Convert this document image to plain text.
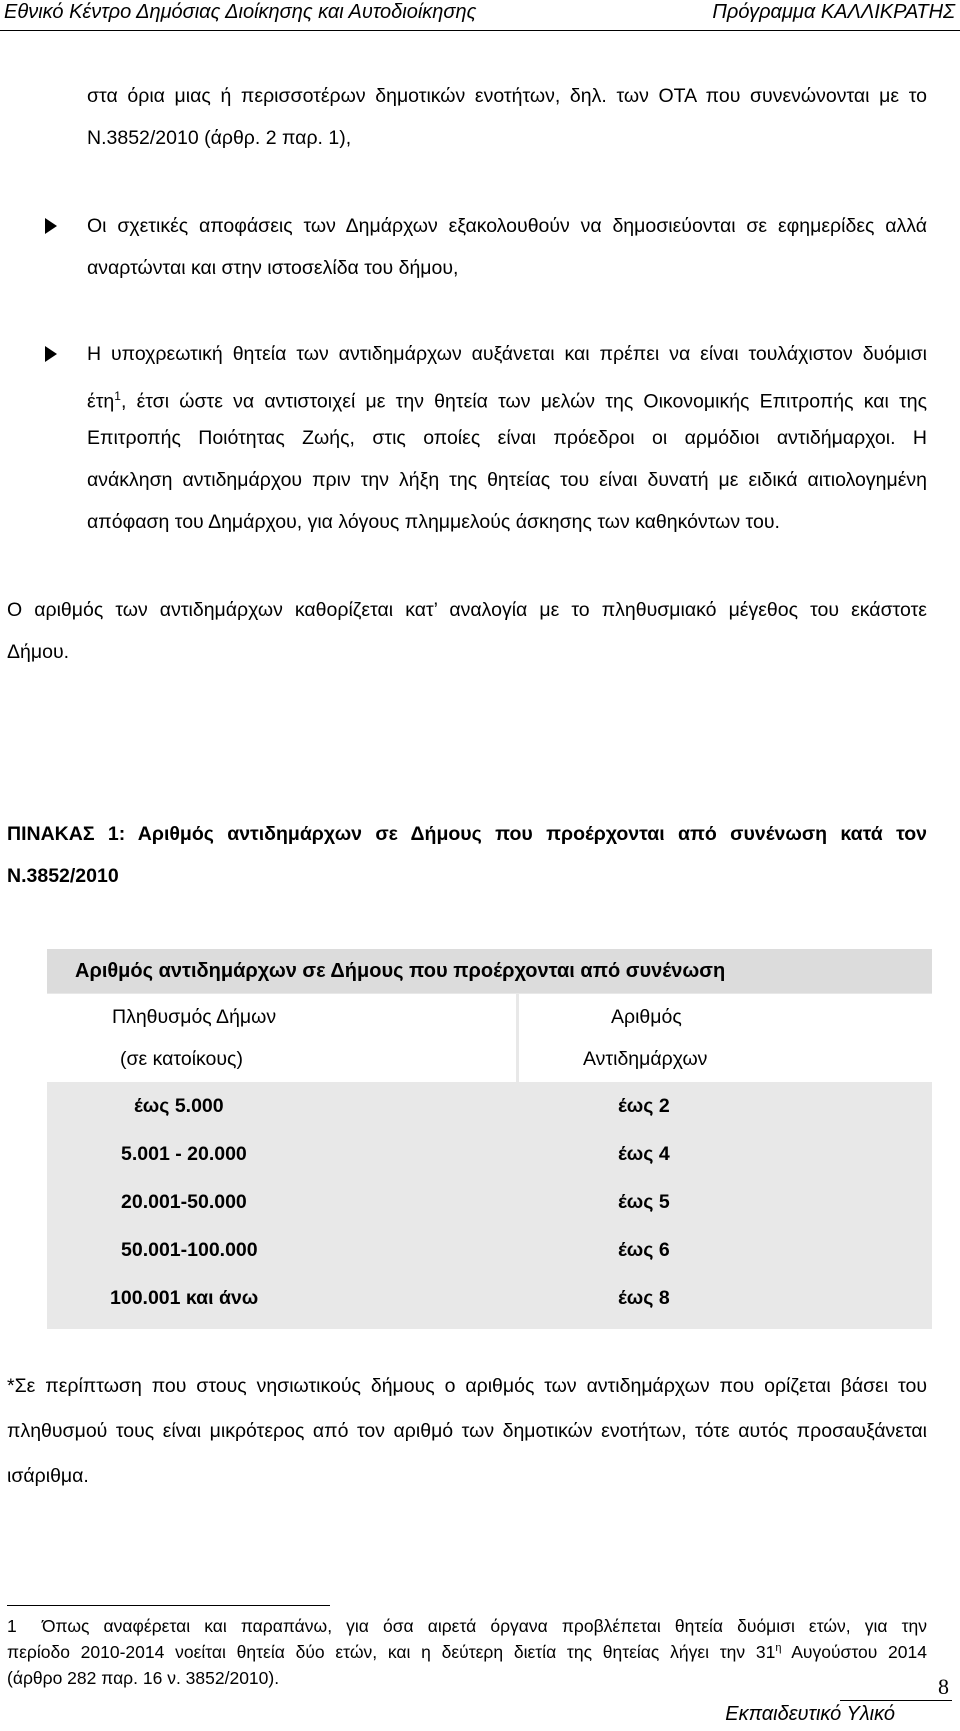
Εθνικό Κέντρο Δημόσιας Διοίκησης και Αυτοδιοίκησης	Πρόγραμμα ΚΑΛΛΙΚΡΑΤΗΣ
στα όρια μιας ή περισσοτέρων δημοτικών ενοτήτων, δηλ. των ΟΤΑ που συνενώνονται με το
Ν.3852/2010 (άρθρ. 2 παρ. 1),
Οι σχετικές αποφάσεις των Δημάρχων εξακολουθούν να δημοσιεύονται σε εφημερίδες αλλά
αναρτώνται και στην ιστοσελίδα του δήμου,
Η υποχρεωτική θητεία των αντιδημάρχων αυξάνεται και πρέπει να είναι τουλάχιστον δυόμισι
έτη$^1$, έτσι ώστε να αντιστοιχεί με την θητεία των μελών της Οικονομικής Επιτροπής και της
Επιτροπής Ποιότητας Ζωής, στις οποίες είναι πρόεδροι οι αρμόδιοι αντιδήμαρχοι. Η
ανάκληση αντιδημάρχου πριν την λήξη της θητείας του είναι δυνατή με ειδικά αιτιολογημένη
απόφαση του Δημάρχου, για λόγους πλημμελούς άσκησης των καθηκόντων του.
Ο αριθμός των αντιδημάρχων καθορίζεται κατ’ αναλογία με το πληθυσμιακό μέγεθος του εκάστοτε
Δήμου.
ΠΙΝΑΚΑΣ 1: Αριθμός αντιδημάρχων σε Δήμους που προέρχονται από συνένωση κατά τον
Ν.3852/2010
Αριθμός αντιδημάρχων σε Δήμους που προέρχονται από συνένωση
Πληθυσμός Δήμων
(σε κατοίκους)
Αριθμός
Αντιδημάρχων
έως 5.000	έως 2
5.001 - 20.000	έως 4
20.001-50.000	έως 5
50.001-100.000	έως 6
100.001 και άνω	έως 8
*Σε περίπτωση που στους νησιωτικούς δήμους ο αριθμός των αντιδημάρχων που ορίζεται βάσει του
πληθυσμού τους είναι μικρότερος από τον αριθμό των δημοτικών ενοτήτων, τότε αυτός προσαυξάνεται
ισάριθμα.
1 Όπως αναφέρεται και παραπάνω, για όσα αιρετά όργανα προβλέπεται θητεία δυόμισι ετών, για την
περίοδο 2010-2014 νοείται θητεία δύο ετών, και η δεύτερη διετία της θητείας λήγει την $31^\eta$ Αυγούστου 2014
(άρθρο 282 παρ. 16 ν. 3852/2010).	8
Εκπαιδευτικό Υλικό
